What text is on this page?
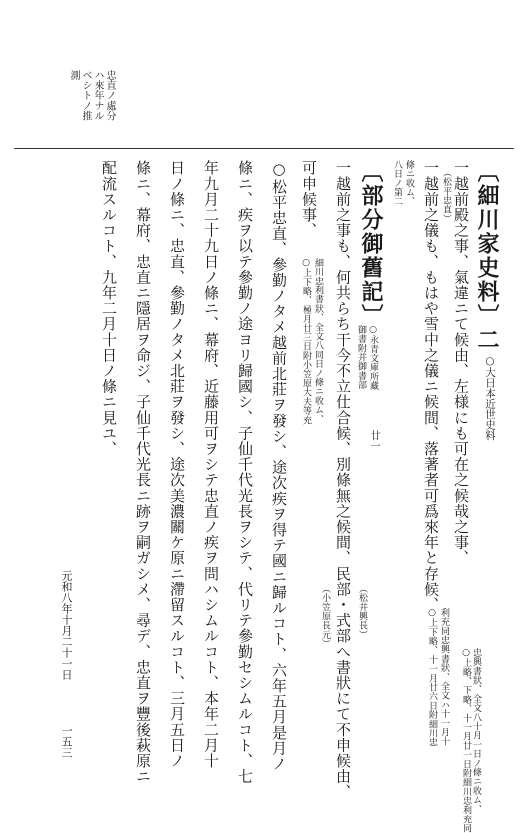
忠直ノ處分
ハ來年ナル
ベシトノ推
測
〔細川家史料〕二
○大日本近世史料
一越前殿之事、氣違ニて候由、左様にも可在之候哉之事、
（松平忠直）
○上略、下略、十一月廿一日附細川忠利充同 忠興書狀、全文八十月一日ノ條ニ收ム、
一越前之儀も、もはや雪中之儀ニ候間、落著者可爲來年と存候、
○上下略、十一月廿六日附細川忠 利充同忠興書狀、全文ハ十一月十
八日ノ第二 條ニ收ム、
〔部分御舊記〕
御書附并御書部 ○永青文庫所藏
廿一
一越前之事も、何共らち干今不立仕合候、別條無之候間、民部・式部へ書狀にて不申候由、
（小笠原長元）	（松井興長）
可申候事、
○上下略、極月廿三日附小笠原大夫等充 細川忠利書狀、全文八同日ノ條ニ收ム、
○松平忠直、參勤ノタメ越前北莊ヲ發シ、途次疾ヲ得テ國ニ歸ルコト、六年五月是月ノ
條ニ、疾ヲ以テ參勤ノ途ヨリ歸國シ、子仙千代光長ヲシテ、代リテ參勤セシムルコト、七
年九月二十九日ノ條ニ、幕府、近藤用可ヲシテ忠直ノ疾ヲ問ハシムルコト、本年二月十
日ノ條ニ、忠直、參勤ノタメ北莊ヲ發シ、途次美濃關ケ原ニ滯留スルコト、三月五日ノ
條ニ、幕府、忠直ニ隱居ヲ命ジ、子仙千代光長ニ跡ヲ嗣ガシメ、尋デ、忠直ヲ豐後萩原ニ
配流スルコト、九年二月十日ノ條ニ見ユ、
元和八年十月二十一日
一五三
